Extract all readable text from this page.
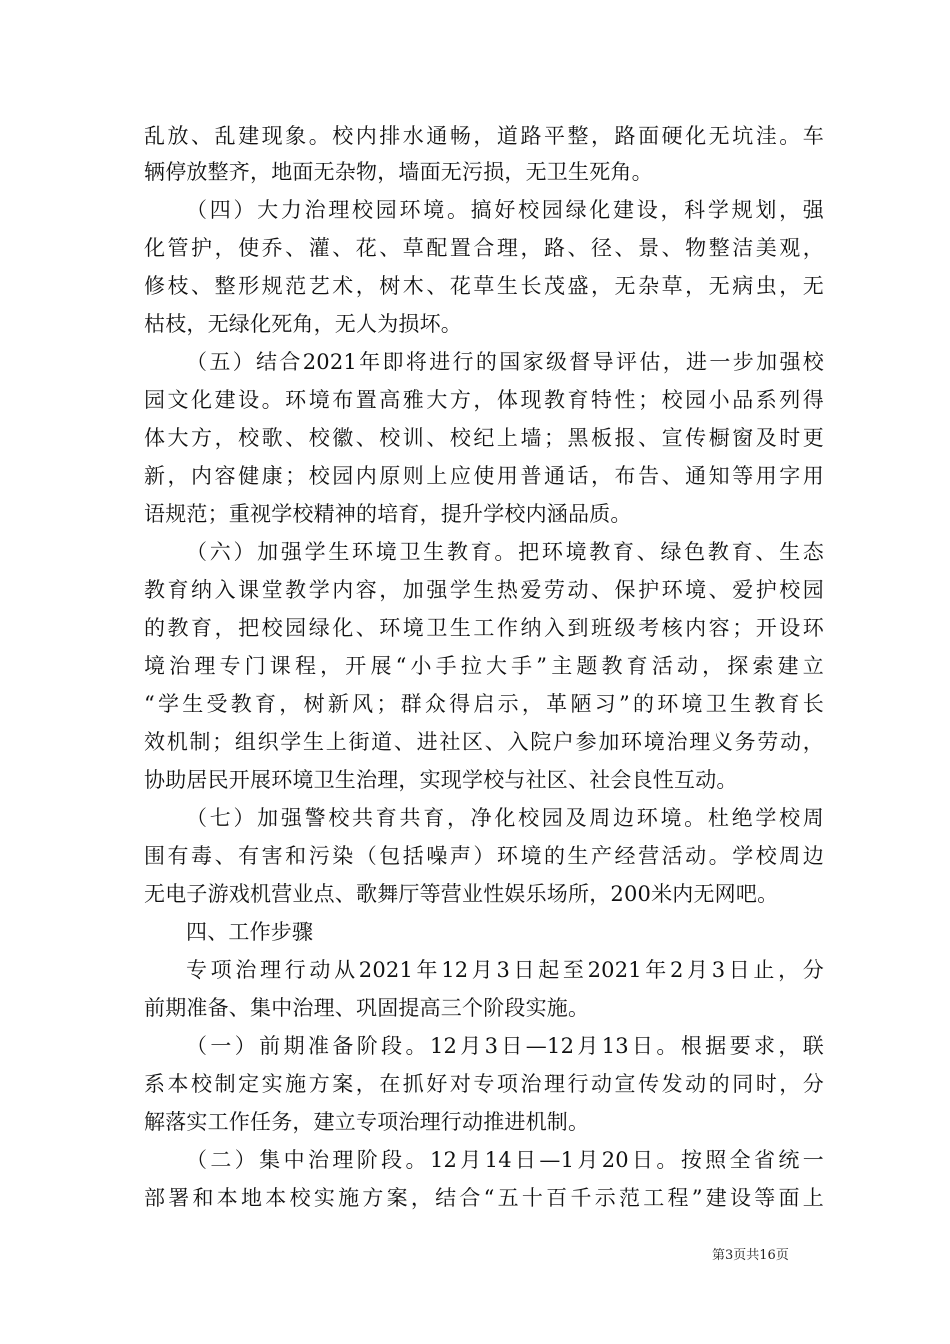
乱放、乱建现象。校内排水通畅，道路平整，路面硬化无坑洼。车
辆停放整齐，地面无杂物，墙面无污损，无卫生死角。
（四）大力治理校园环境。搞好校园绿化建设，科学规划，强
化管护，使乔、灌、花、草配置合理，路、径、景、物整洁美观，
修枝、整形规范艺术，树木、花草生长茂盛，无杂草，无病虫，无
枯枝，无绿化死角，无人为损坏。
（五）结合2021年即将进行的国家级督导评估，进一步加强校
园文化建设。环境布置高雅大方，体现教育特性；校园小品系列得
体大方，校歌、校徽、校训、校纪上墙；黑板报、宣传橱窗及时更
新，内容健康；校园内原则上应使用普通话，布告、通知等用字用
语规范；重视学校精神的培育，提升学校内涵品质。
（六）加强学生环境卫生教育。把环境教育、绿色教育、生态
教育纳入课堂教学内容，加强学生热爱劳动、保护环境、爱护校园
的教育，把校园绿化、环境卫生工作纳入到班级考核内容；开设环
境治理专门课程，开展“小手拉大手”主题教育活动，探索建立
“学生受教育，树新风；群众得启示，革陋习”的环境卫生教育长
效机制；组织学生上街道、进社区、入院户参加环境治理义务劳动，
协助居民开展环境卫生治理，实现学校与社区、社会良性互动。
（七）加强警校共育共育，净化校园及周边环境。杜绝学校周
围有毒、有害和污染（包括噪声）环境的生产经营活动。学校周边
无电子游戏机营业点、歌舞厅等营业性娱乐场所，200米内无网吧。
四、工作步骤
专项治理行动从2021年12月3日起至2021年2月3日止，分
前期准备、集中治理、巩固提高三个阶段实施。
（一）前期准备阶段。12月3日—12月13日。根据要求，联
系本校制定实施方案，在抓好对专项治理行动宣传发动的同时，分
解落实工作任务，建立专项治理行动推进机制。
（二）集中治理阶段。12月14日—1月20日。按照全省统一
部署和本地本校实施方案，结合“五十百千示范工程”建设等面上
第3页共16页
